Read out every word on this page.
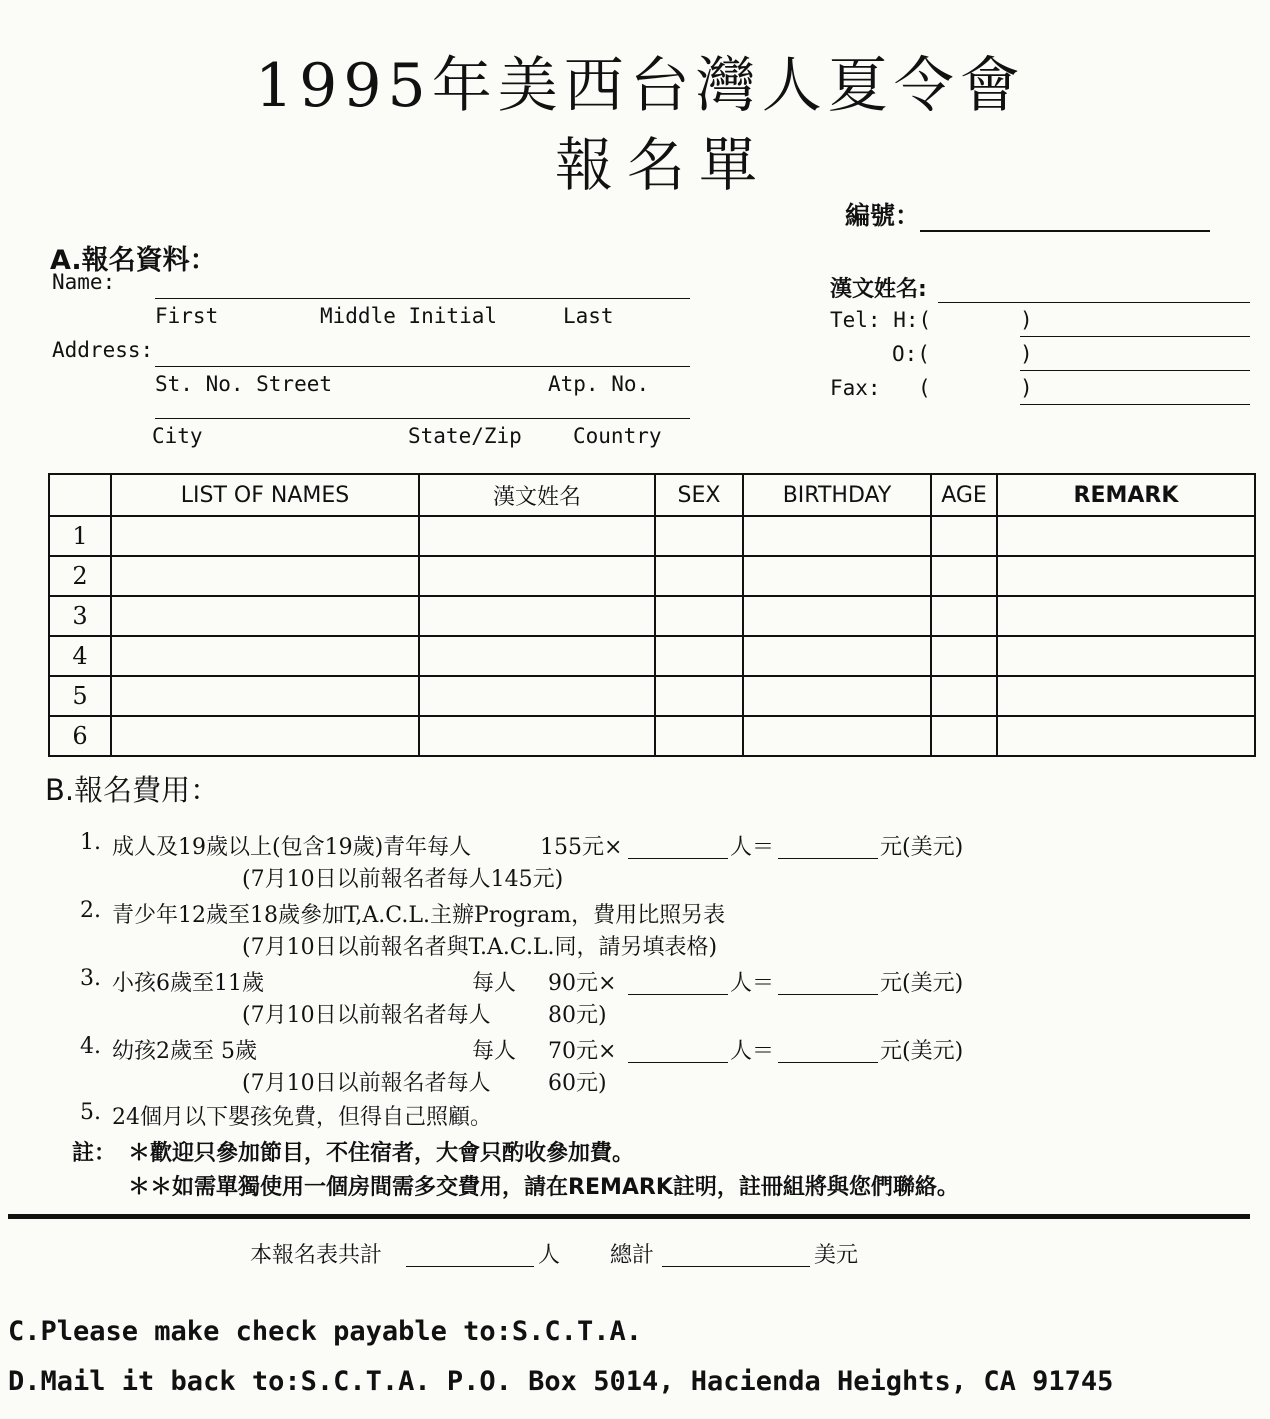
1995年美西台灣人夏令會
報名單
編號：
A.報名資料：
Name:
First	Middle Initial	Last
Address:
St. No. Street	Atp. No.
City	State/Zip Country
漢文姓名:
Tel: H:(	)
O:(	)
Fax: (	)
	LIST OF NAMES	漢文姓名	SEX	BIRTHDAY	AGE	REMARK
1						
2						
3						
4						
5						
6						
B.報名費用：
1. 成人及19歲以上(包含19歲)青年每人	155元×	人＝	元(美元)
(7月10日以前報名者每人145元)
2. 青少年12歲至18歲參加T,A.C.L.主辦Program，費用比照另表
(7月10日以前報名者與T.A.C.L.同，請另填表格)
3. 小孩6歲至11歲	每人 90元×	人＝	元(美元)
(7月10日以前報名者每人	80元)
4. 幼孩2歲至 5歲	每人 70元×	人＝	元(美元)
(7月10日以前報名者每人	60元)
5. 24個月以下嬰孩免費，但得自己照顧。
註： ＊歡迎只參加節目，不住宿者，大會只酌收參加費。
＊＊如需單獨使用一個房間需多交費用，請在REMARK註明，註冊組將與您們聯絡。
本報名表共計	人 總計	美元
C.Please make check payable to:S.C.T.A.
D.Mail it back to:S.C.T.A. P.O. Box 5014, Hacienda Heights, CA 91745
